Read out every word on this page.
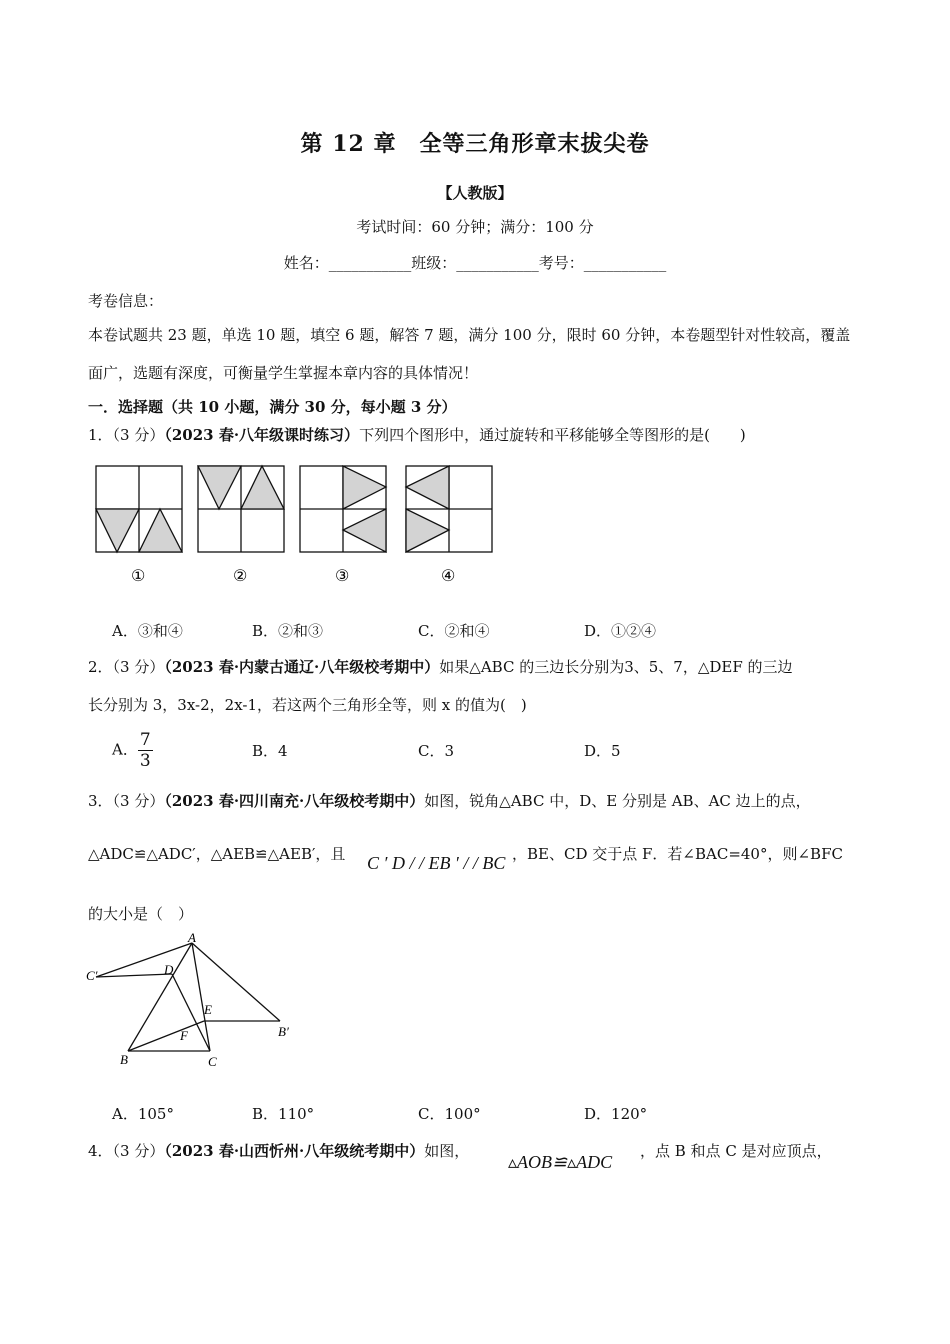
第 12 章　全等三角形章末拔尖卷
【人教版】
考试时间：60 分钟；满分：100 分
姓名：___________班级：___________考号：___________
考卷信息：
本卷试题共 23 题，单选 10 题，填空 6 题，解答 7 题，满分 100 分，限时 60 分钟，本卷题型针对性较高，覆盖
面广，选题有深度，可衡量学生掌握本章内容的具体情况！
一．选择题（共 10 小题，满分 30 分，每小题 3 分）
1．（3 分）（2023 春·八年级课时练习）下列四个图形中，通过旋转和平移能够全等图形的是(　　)
①	②	③	④
A．③和④	B．②和③	C．②和④	D．①②④
2．（3 分）（2023 春·内蒙古通辽·八年级校考期中）如果△ABC 的三边长分别为3、5、7，△DEF 的三边
长分别为 3，3x-2，2x-1，若这两个三角形全等，则 x 的值为(　)
A． $\frac{7}{3}$	B．4	C．3	D．5
3．（3 分）（2023 春·四川南充·八年级校考期中）如图，锐角△ABC 中，D、E 分别是 AB、AC 边上的点，
△ADC≌△ADC′，△AEB≌△AEB′，且 C ′ D / / EB ′ / / BC ，BE、CD 交于点 F．若∠BAC=40°，则∠BFC
的大小是（　）
A
C′	D
E
B′
F
B	C
A．105°	B．110°	C．100°	D．120°
4．（3 分）（2023 春·山西忻州·八年级统考期中）如图，
▵AOB≌▵ADC
，点 B 和点 C 是对应顶点，
